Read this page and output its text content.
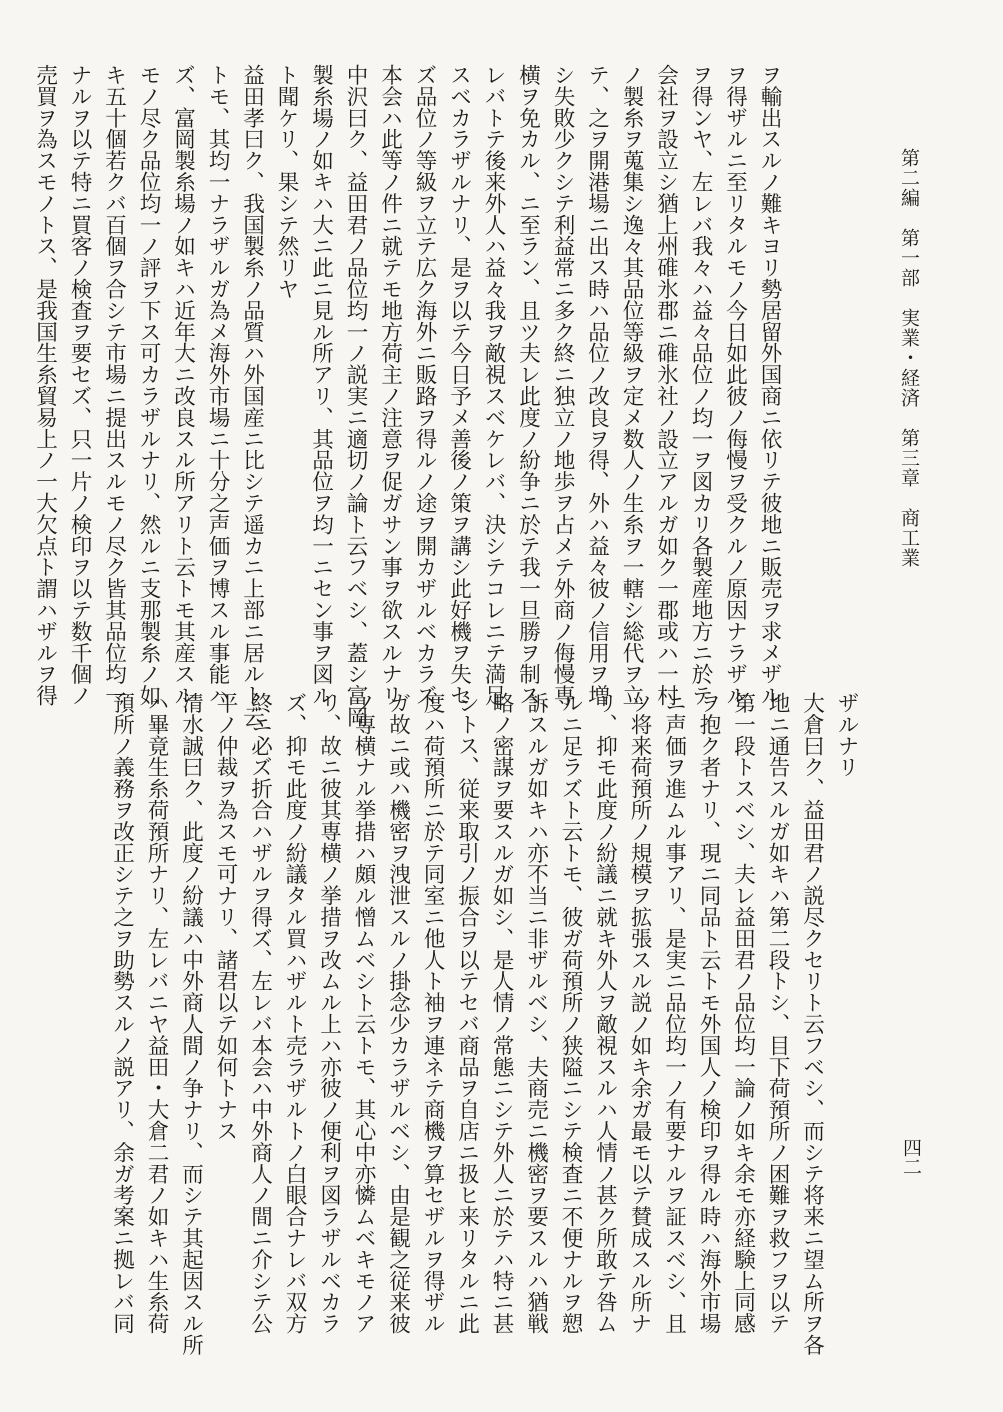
第二編　第一部　実業・経済　第三章　商工業
四二
ヲ輸出スルノ難キヨリ勢居留外国商ニ依リテ彼地ニ販売ヲ求メザル
ヲ得ザルニ至リタルモノ今日如此彼ノ侮慢ヲ受クルノ原因ナラザル
ヲ得ンヤ、左レバ我々ハ益々品位ノ均一ヲ図カリ各製産地方ニ於テ
会社ヲ設立シ猶上州碓氷郡ニ碓氷社ノ設立アルガ如ク一郡或ハ一村
ノ製糸ヲ蒐集シ逸々其品位等級ヲ定メ数人ノ生糸ヲ一轄シ総代ヲ立
テ、之ヲ開港場ニ出ス時ハ品位ノ改良ヲ得、外ハ益々彼ノ信用ヲ増
シ失敗少クシテ利益常ニ多ク終ニ独立ノ地歩ヲ占メテ外商ノ侮慢専
横ヲ免カル、ニ至ラン、且ツ夫レ此度ノ紛争ニ於テ我一旦勝ヲ制ス
レバトテ後来外人ハ益々我ヲ敵視スベケレバ、決シテコレニテ満足
スベカラザルナリ、是ヲ以テ今日予メ善後ノ策ヲ講シ此好機ヲ失セ
ズ品位ノ等級ヲ立テ広ク海外ニ販路ヲ得ルノ途ヲ開カザルベカラズ
本会ハ此等ノ件ニ就テモ地方荷主ノ注意ヲ促ガサン事ヲ欲スルナリ
中沢曰ク、益田君ノ品位均一ノ説実ニ適切ノ論ト云フベシ、蓋シ富岡
製糸場ノ如キハ大ニ此ニ見ル所アリ、其品位ヲ均一ニセン事ヲ図ル
ト聞ケリ、果シテ然リヤ
益田孝曰ク、我国製糸ノ品質ハ外国産ニ比シテ遥カニ上部ニ居ルト云
トモ、其均一ナラザルガ為メ海外市場ニ十分之声価ヲ博スル事能ハ
ズ、富岡製糸場ノ如キハ近年大ニ改良スル所アリト云トモ其産スル
モノ尽ク品位均一ノ評ヲ下ス可カラザルナリ、然ルニ支那製糸ノ如
キ五十個若クバ百個ヲ合シテ市場ニ提出スルモノ尽ク皆其品位均一
ナルヲ以テ特ニ買客ノ検査ヲ要セズ、只一片ノ検印ヲ以テ数千個ノ
売買ヲ為スモノトス、是我国生糸貿易上ノ一大欠点ト謂ハザルヲ得
ザルナリ
大倉曰ク、益田君ノ説尽クセリト云フベシ、而シテ将来ニ望ム所ヲ各
地ニ通告スルガ如キハ第二段トシ、目下荷預所ノ困難ヲ救フヲ以テ
第一段トスベシ、夫レ益田君ノ品位均一論ノ如キ余モ亦経験上同感
ヲ抱ク者ナリ、現ニ同品ト云トモ外国人ノ検印ヲ得ル時ハ海外市場
ニ声価ヲ進ムル事アリ、是実ニ品位均一ノ有要ナルヲ証スベシ、且
ツ将来荷預所ノ規模ヲ拡張スル説ノ如キ余ガ最モ以テ賛成スル所ナ
リ、抑モ此度ノ紛議ニ就キ外人ヲ敵視スルハ人情ノ甚ク所敢テ咎ム
ルニ足ラズト云トモ、彼ガ荷預所ノ狭隘ニシテ検査ニ不便ナルヲ愬
訴スルガ如キハ亦不当ニ非ザルベシ、夫商売ニ機密ヲ要スルハ猶戦
略ノ密謀ヲ要スルガ如シ、是人情ノ常態ニシテ外人ニ於テハ特ニ甚
シトス、従来取引ノ振合ヲ以テセバ商品ヲ自店ニ扱ヒ来リタルニ此
度ハ荷預所ニ於テ同室ニ他人ト袖ヲ連ネテ商機ヲ算セザルヲ得ザル
ガ故ニ或ハ機密ヲ洩泄スルノ掛念少カラザルベシ、由是観之従来彼
ノ専横ナル挙措ハ頗ル憎ムベシト云トモ、其心中亦憐ムベキモノア
リ、故ニ彼其専横ノ挙措ヲ改ムル上ハ亦彼ノ便利ヲ図ラザルベカラ
ズ、抑モ此度ノ紛議タル買ハザルト売ラザルトノ白眼合ナレバ双方
終ニ必ズ折合ハザルヲ得ズ、左レバ本会ハ中外商人ノ間ニ介シテ公
平ノ仲裁ヲ為スモ可ナリ、諸君以テ如何トナス
清水誠曰ク、此度ノ紛議ハ中外商人間ノ争ナリ、而シテ其起因スル所
ハ畢竟生糸荷預所ナリ、左レバニヤ益田・大倉二君ノ如キハ生糸荷
預所ノ義務ヲ改正シテ之ヲ助勢スルノ説アリ、余ガ考案ニ拠レバ同
